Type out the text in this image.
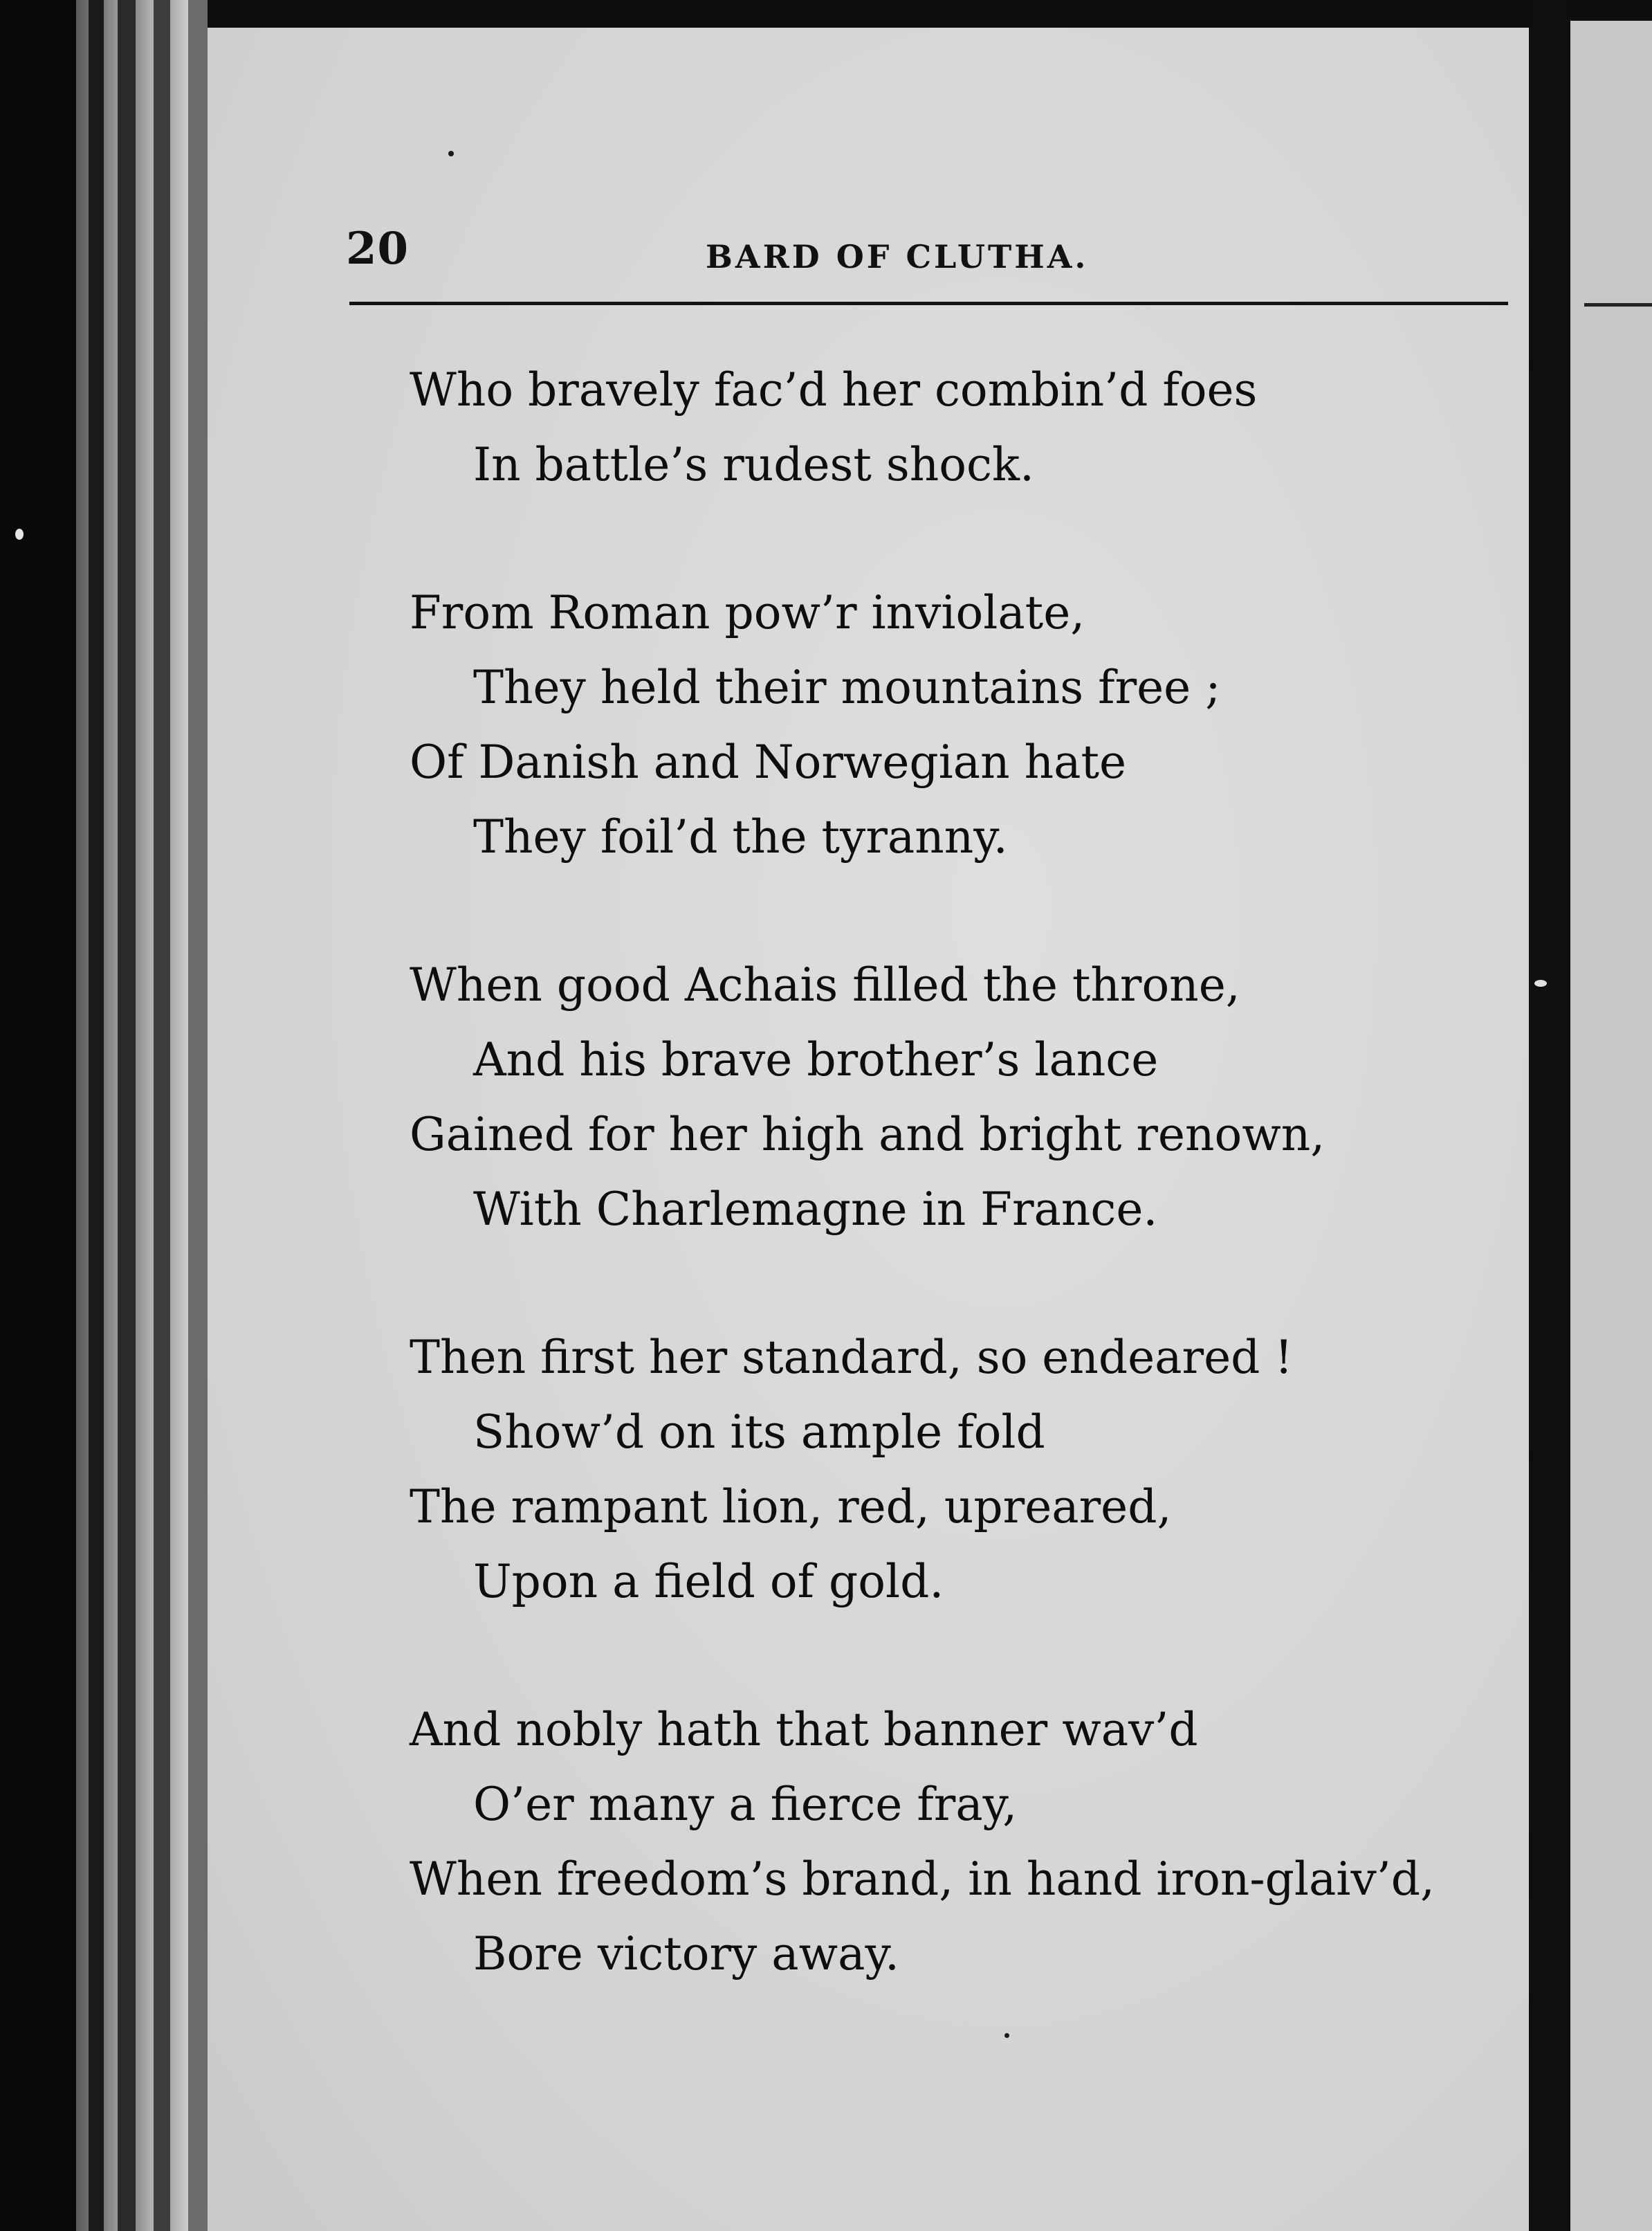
20	BARD OF CLUTHA.
Who bravely fac’d her combin’d foes
In battle’s rudest shock.
From Roman pow’r inviolate,
They held their mountains free ;
Of Danish and Norwegian hate
They foil’d the tyranny.
When good Achais filled the throne,
And his brave brother’s lance
Gained for her high and bright renown,
With Charlemagne in France.
Then first her standard, so endeared !
Show’d on its ample fold
The rampant lion, red, upreared,
Upon a field of gold.
And nobly hath that banner wav’d
O’er many a fierce fray,
When freedom’s brand, in hand iron-glaiv’d,
Bore victory away.
